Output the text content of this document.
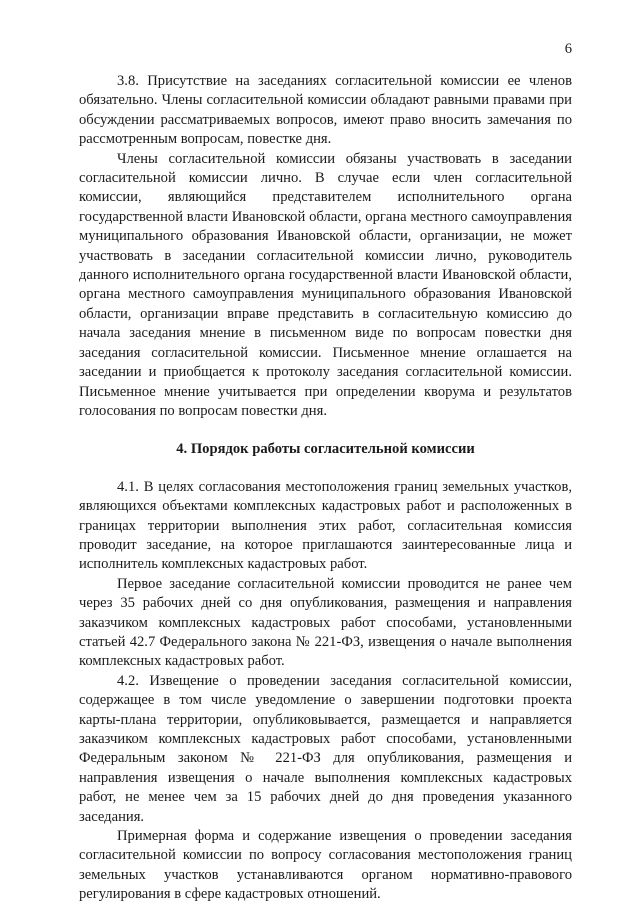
6

3.8. Присутствие на заседаниях согласительной комиссии ее членов обязательно. Члены согласительной комиссии обладают равными правами при обсуждении рассматриваемых вопросов, имеют право вносить замечания по рассмотренным вопросам, повестке дня.

Члены согласительной комиссии обязаны участвовать в заседании согласительной комиссии лично. В случае если член согласительной комиссии, являющийся представителем исполнительного органа государственной власти Ивановской области, органа местного самоуправления муниципального образования Ивановской области, организации, не может участвовать в заседании согласительной комиссии лично, руководитель данного исполнительного органа государственной власти Ивановской области, органа местного самоуправления муниципального образования Ивановской области, организации вправе представить в согласительную комиссию до начала заседания мнение в письменном виде по вопросам повестки дня заседания согласительной комиссии. Письменное мнение оглашается на заседании и приобщается к протоколу заседания согласительной комиссии. Письменное мнение учитывается при определении кворума и результатов голосования по вопросам повестки дня.

4. Порядок работы согласительной комиссии

4.1. В целях согласования местоположения границ земельных участков, являющихся объектами комплексных кадастровых работ и расположенных в границах территории выполнения этих работ, согласительная комиссия проводит заседание, на которое приглашаются заинтересованные лица и исполнитель комплексных кадастровых работ.

Первое заседание согласительной комиссии проводится не ранее чем через 35 рабочих дней со дня опубликования, размещения и направления заказчиком комплексных кадастровых работ способами, установленными статьей 42.7 Федерального закона № 221-ФЗ, извещения о начале выполнения комплексных кадастровых работ.

4.2. Извещение о проведении заседания согласительной комиссии, содержащее в том числе уведомление о завершении подготовки проекта карты-плана территории, опубликовывается, размещается и направляется заказчиком комплексных кадастровых работ способами, установленными Федеральным законом № 221-ФЗ для опубликования, размещения и направления извещения о начале выполнения комплексных кадастровых работ, не менее чем за 15 рабочих дней до дня проведения указанного заседания.

Примерная форма и содержание извещения о проведении заседания согласительной комиссии по вопросу согласования местоположения границ земельных участков устанавливаются органом нормативно-правового регулирования в сфере кадастровых отношений.
